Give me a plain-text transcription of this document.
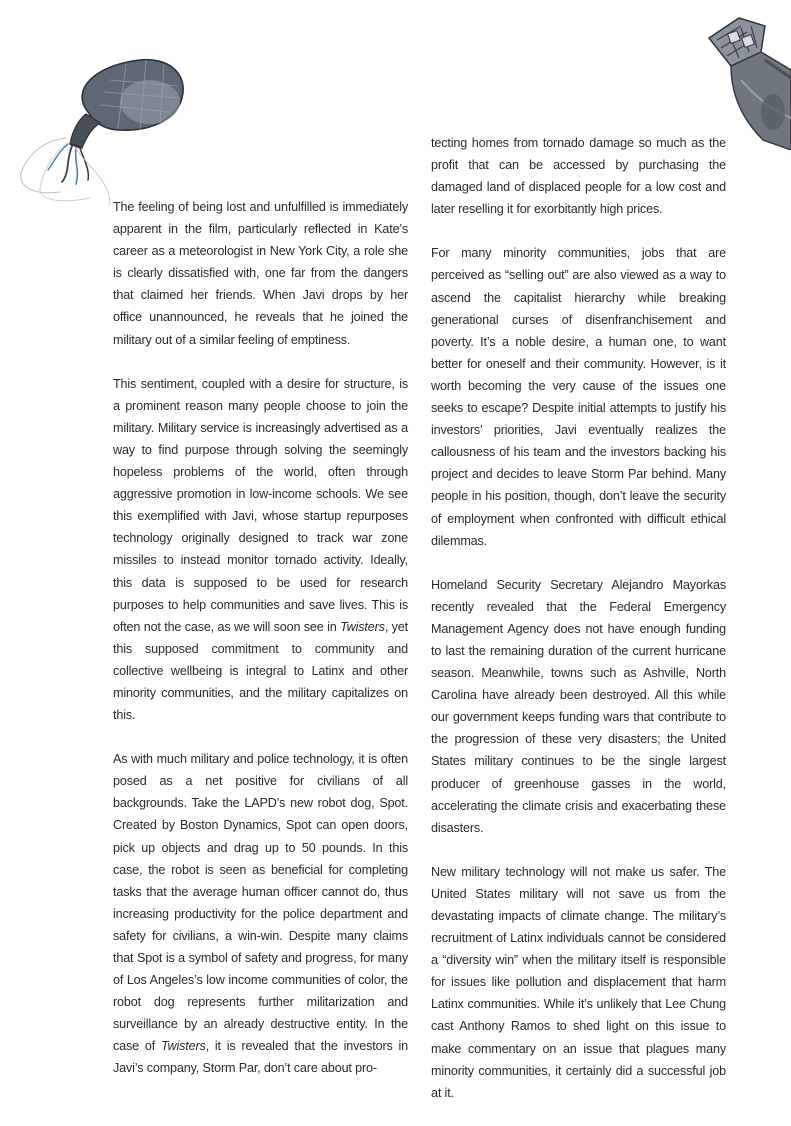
The feeling of being lost and unfulfilled is immediately apparent in the film, particularly reflected in Kate’s career as a meteorologist in New York City, a role she is clearly dissatisfied with, one far from the dangers that claimed her friends. When Javi drops by her office unannounced, he reveals that he joined the military out of a similar feeling of emptiness.

This sentiment, coupled with a desire for structure, is a prominent reason many people choose to join the military. Military service is increasingly advertised as a way to find purpose through solving the seemingly hopeless problems of the world, often through aggressive promotion in low-income schools. We see this exemplified with Javi, whose startup repurposes technology originally designed to track war zone missiles to instead monitor tornado activity. Ideally, this data is supposed to be used for research purposes to help communities and save lives. This is often not the case, as we will soon see in Twisters, yet this supposed commitment to community and collective wellbeing is integral to Latinx and other minority communities, and the military capitalizes on this.

As with much military and police technology, it is often posed as a net positive for civilians of all backgrounds. Take the LAPD’s new robot dog, Spot. Created by Boston Dynamics, Spot can open doors, pick up objects and drag up to 50 pounds. In this case, the robot is seen as beneficial for completing tasks that the average human officer cannot do, thus increasing productivity for the police department and safety for civilians, a win-win. Despite many claims that Spot is a symbol of safety and progress, for many of Los Angeles’s low income communities of color, the robot dog represents further militarization and surveillance by an already destructive entity. In the case of Twisters, it is revealed that the investors in Javi’s company, Storm Par, don’t care about pro-

tecting homes from tornado damage so much as the profit that can be accessed by purchasing the damaged land of displaced people for a low cost and later reselling it for exorbitantly high prices.

For many minority communities, jobs that are perceived as “selling out” are also viewed as a way to ascend the capitalist hierarchy while breaking generational curses of disenfranchisement and poverty. It’s a noble desire, a human one, to want better for oneself and their community. However, is it worth becoming the very cause of the issues one seeks to escape? Despite initial attempts to justify his investors’ priorities, Javi eventually realizes the callousness of his team and the investors backing his project and decides to leave Storm Par behind. Many people in his position, though, don’t leave the security of employment when confronted with difficult ethical dilemmas.

Homeland Security Secretary Alejandro Mayorkas recently revealed that the Federal Emergency Management Agency does not have enough funding to last the remaining duration of the current hurricane season. Meanwhile, towns such as Ashville, North Carolina have already been destroyed. All this while our government keeps funding wars that contribute to the progression of these very disasters; the United States military continues to be the single largest producer of greenhouse gasses in the world, accelerating the climate crisis and exacerbating these disasters.

New military technology will not make us safer. The United States military will not save us from the devastating impacts of climate change. The military’s recruitment of Latinx individuals cannot be considered a “diversity win” when the military itself is responsible for issues like pollution and displacement that harm Latinx communities. While it’s unlikely that Lee Chung cast Anthony Ramos to shed light on this issue to make commentary on an issue that plagues many minority communities, it certainly did a successful job at it.
